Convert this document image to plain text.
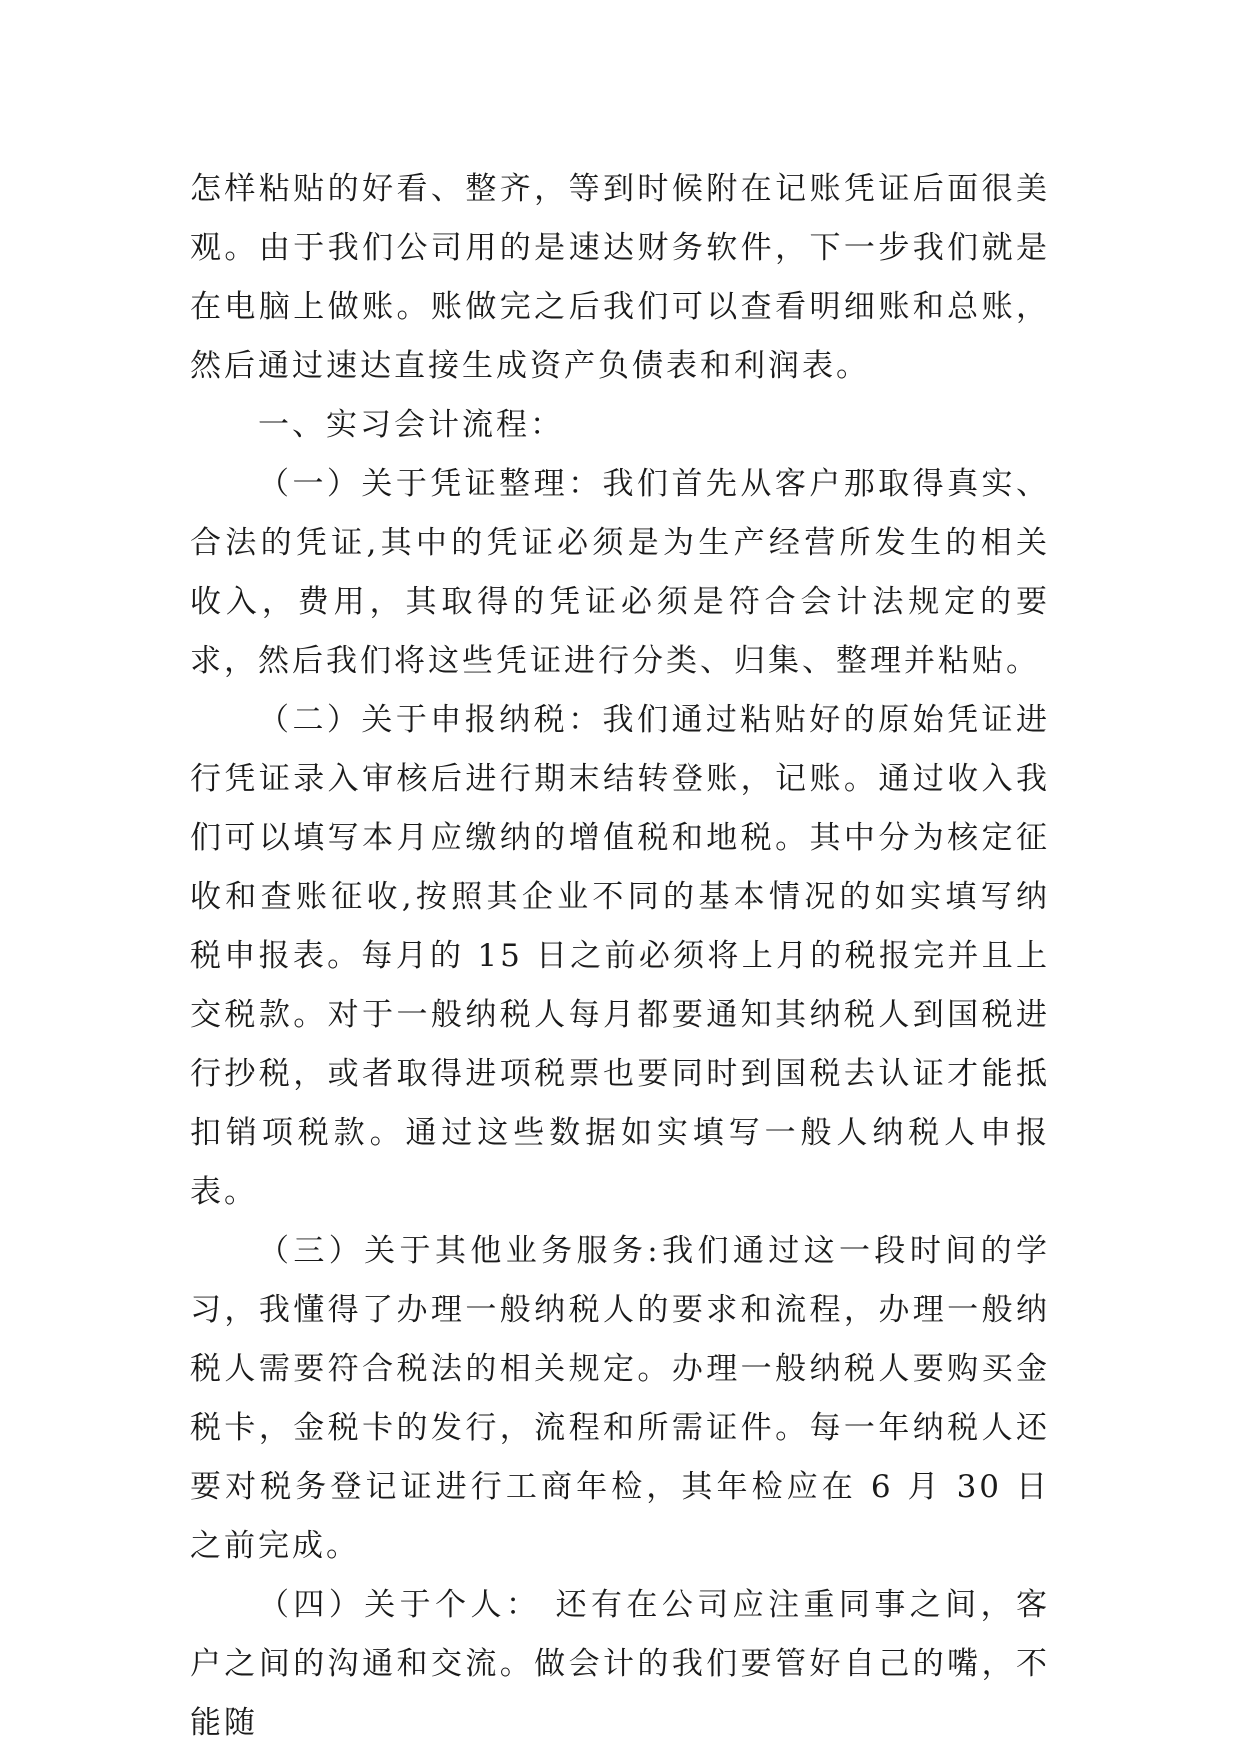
怎样粘贴的好看、整齐，等到时候附在记账凭证后面很美观。由于我们公司用的是速达财务软件，下一步我们就是在电脑上做账。账做完之后我们可以查看明细账和总账，然后通过速达直接生成资产负债表和利润表。

一、实习会计流程：

（一）关于凭证整理：我们首先从客户那取得真实、合法的凭证,其中的凭证必须是为生产经营所发生的相关收入，费用，其取得的凭证必须是符合会计法规定的要求，然后我们将这些凭证进行分类、归集、整理并粘贴。

（二）关于申报纳税：我们通过粘贴好的原始凭证进行凭证录入审核后进行期末结转登账，记账。通过收入我们可以填写本月应缴纳的增值税和地税。其中分为核定征收和查账征收,按照其企业不同的基本情况的如实填写纳税申报表。每月的 15 日之前必须将上月的税报完并且上交税款。对于一般纳税人每月都要通知其纳税人到国税进行抄税，或者取得进项税票也要同时到国税去认证才能抵扣销项税款。通过这些数据如实填写一般人纳税人申报表。

（三）关于其他业务服务:我们通过这一段时间的学习，我懂得了办理一般纳税人的要求和流程，办理一般纳税人需要符合税法的相关规定。办理一般纳税人要购买金税卡，金税卡的发行，流程和所需证件。每一年纳税人还要对税务登记证进行工商年检，其年检应在 6 月 30 日之前完成。

（四）关于个人： 还有在公司应注重同事之间，客户之间的沟通和交流。做会计的我们要管好自己的嘴，不能随
